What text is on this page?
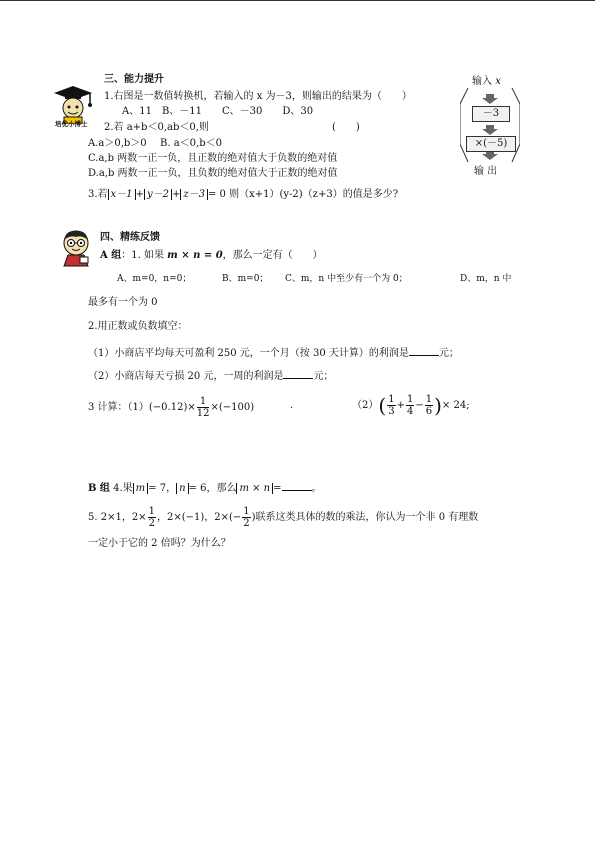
培优小博士
三、能力提升
1.右图是一数值转换机，若输入的 x 为－3，则输出的结果为（　　）
A、11　B、－11　　C、－30　　D、30
2.若 a+b＜0,ab＜0,则	(　　)
A.a＞0,b＞0 B. a＜0,b＜0
C.a,b 两数一正一负，且正数的绝对值大于负数的绝对值
D.a,b 两数一正一负，且负数的绝对值大于正数的绝对值
3.若 x－1 + y－2 + z－3 = 0 则（x+1）(y-2)（z+3）的值是多少?
输入 x
－3
×(－5)
输 出
四、精练反馈
A 组：1. 如果 m × n = 0，那么一定有（　　）
A、m=0，n=0；	B、m=0； C、m，n 中至少有一个为 0；	D、m，n 中
最多有一个为 0
2.用正数或负数填空：
（1）小商店平均每天可盈利 250 元，一个月（按 30 天计算）的利润是	元；
（2）小商店每天亏损 20 元，一周的利润是	元；
3 计算：$(1)(-0.12)\times \frac{1}{12} \times(-100)$	.	$(2)( \frac{1}{3} + \frac{1}{4} - \frac{1}{6}$ )× 24;
B 组 4.果 m = 7， n = 6，那么 m × n =	。
5. 2×1，$2\times \frac{1}{2}$ ，2×(−1)，$2\times(- \frac{1}{2}$ )联系这类具体的数的乘法，你认为一个非 0 有理数
一定小于它的 2 倍吗？为什么？
